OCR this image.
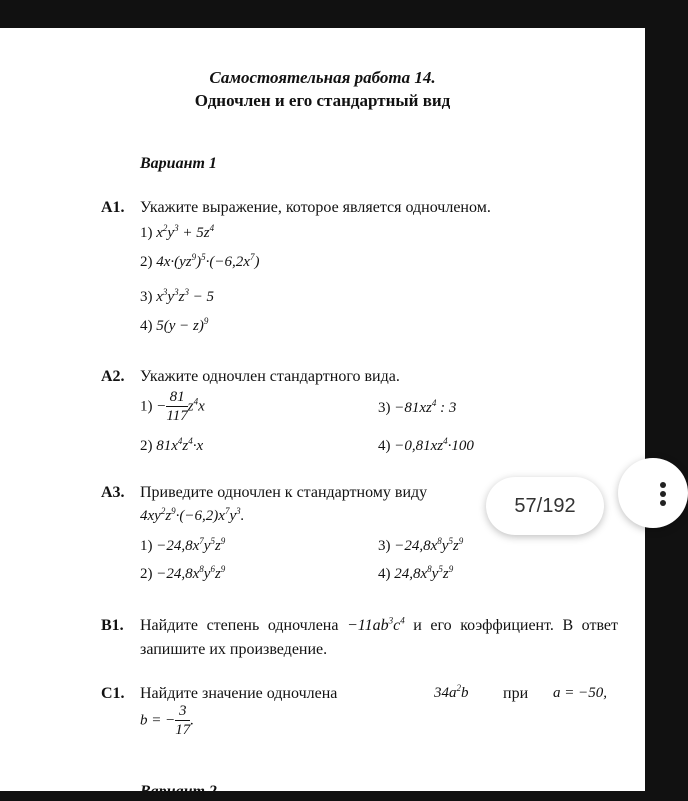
Самостоятельная работа 14.
Одночлен и его стандартный вид
Вариант 1
А1. Укажите выражение, которое является одночленом.
1) $x^2y^3 + 5z^4$
2) $4x\cdot(yz^9)^5\cdot(-6,2x^7)$
3) $x^3y^3z^3 - 5$
4) $5(y - z)^9$
А2. Укажите одночлен стандартного вида.
$1) - \frac{81}{117} z^4x$	$3) -81xz^4$ : 3
2) $81x^4z^4\cdot x$	$4) -0,81xz^4\cdot 100$
А3. Приведите одночлен к стандартному виду
$4xy^2z^9\cdot(-6,2)x^7y^3$.
$1) -24,8x^7y^5z^9$	$3) -24,8x^8y^5z^9$
$2) -24,8x^8y^6z^9$	4) $24,8x^8y^5z^9$
В1. Найдите степень одночлена $-11ab^3c^4$ и его коэффициент. В ответ запишите их произведение.
С1. Найдите значение одночлена	$34a^2b$ при a = −50,
b = − $\frac{3}{17}$ .
Вариант 2
57/192
